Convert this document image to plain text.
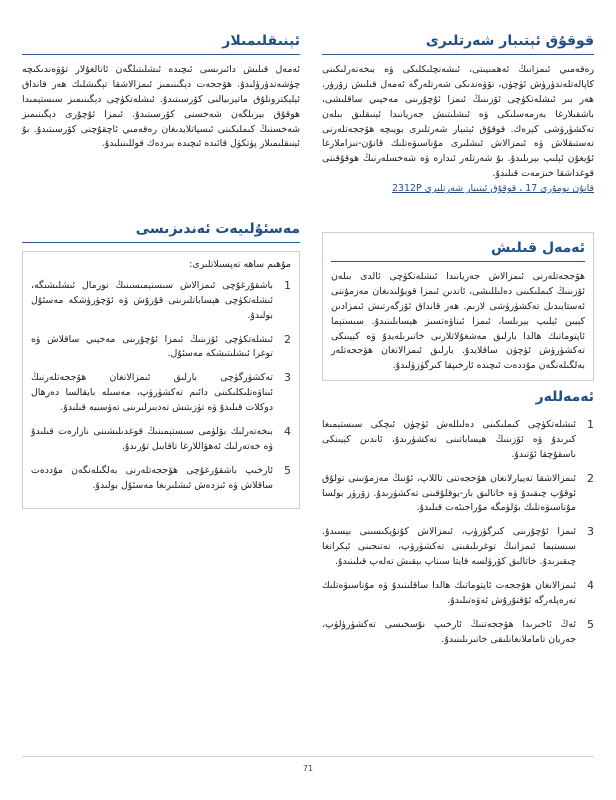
قوقۇق ئېتىبار شەرتلىرى

رەقەمىي ئىمزانىڭ ئەھمىيىتى، ئىشەنچلىكلىكى ۋە بىخەتەرلىكىنى كاپالەتلەندۈرۈش ئۈچۈن، تۆۋەندىكى شەرتلەرگە ئەمەل قىلىش زۆرۈر. ھەر بىر ئىشلەتكۈچى ئۆزىنىڭ ئىمزا ئۇچۇرىنى مەخپىي ساقلىشى، باشقىلارغا بەرمەسلىكى ۋە ئىشلىتىش جەريانىدا ئېنىقلىق بىلەن تەكشۈرۈشى كېرەك. قوقۇق ئېتىبار شەرتلىرى بويىچە ھۆججەتلەرنى تەستىقلاش ۋە ئىمزالاش ئىشلىرى مۇناسىۋەتلىك قانۇن-نىزاملارغا ئۇيغۇن ئېلىپ بېرىلىدۇ. بۇ شەرتلەر ئىدارە ۋە شەخسلەرنىڭ ھوقۇقىنى قوغداشقا خىزمەت قىلىدۇ.

قانۇن نومۇرى 17 ، قوقۇق ئېتىبار شەرتلىرى 2312P

ئەمەل قىلىش

ھۆججەتلەرنى ئىمزالاش جەريانىدا ئىشلەتكۈچى ئالدى بىلەن ئۆزىنىڭ كىملىكىنى دەلىللىشى، ئاندىن ئىمزا قويۇلىدىغان مەزمۇننى ئەستايىدىل تەكشۈرۈشى لازىم. ھەر قانداق ئۆزگەرتىش ئىمزادىن كېيىن ئېلىپ بېرىلسا، ئىمزا ئىناۋەتسىز ھېسابلىنىدۇ. سىستېما ئاپتوماتىك ھالدا بارلىق مەشغۇلاتلارنى خاتىرىلەيدۇ ۋە كېيىنكى تەكشۈرۈش ئۈچۈن ساقلايدۇ. بارلىق ئىمزالانغان ھۆججەتلەر بەلگىلەنگەن مۇددەت ئىچىدە ئارخىپقا كىرگۈزۈلىدۇ.

ئەمەللەر
1
ئىشلەتكۈچى كىملىكىنى دەلىللەش ئۈچۈن ئىچكى سىستېمىغا كىرىدۇ ۋە ئۆزىنىڭ ھېساباتىنى تەكشۈرىدۇ، ئاندىن كېيىنكى باسقۇچقا ئۆتىدۇ.
2
ئىمزالاشقا تەييارلانغان ھۆججەتنى تاللاپ، ئۇنىڭ مەزمۇنىنى تولۇق ئوقۇپ چىقىدۇ ۋە خاتالىق بار-يوقلۇقىنى تەكشۈرىدۇ. زۆرۈر بولسا مۇناسىۋەتلىك بۆلۈمگە مۇراجىئەت قىلىدۇ.
3
ئىمزا ئۇچۇرىنى كىرگۈزۈپ، ئىمزالاش كۇنۇپكىسىنى بېسىدۇ. سىستېما ئىمزانىڭ توغرىلىقىنى تەكشۈرۈپ، نەتىجىنى ئېكرانغا چىقىرىدۇ. خاتالىق كۆرۈلسە قايتا سىناپ بېقىش تەلەپ قىلىنىدۇ.
4
ئىمزالانغان ھۆججەت ئاپتوماتىك ھالدا ساقلىنىدۇ ۋە مۇناسىۋەتلىك تەرەپلەرگە ئۇقتۇرۇش ئەۋەتىلىدۇ.
5
ئەڭ ئاخىرىدا ھۆججەتنىڭ ئارخىپ نۇسخىسى تەكشۈرۈلۈپ، جەريان تاماملانغانلىقى خاتىرىلىنىدۇ.
ئېنىقلىمىلار

ئەمەل قىلىش دائىرىسى ئىچىدە ئىشلىتىلگەن ئاتالغۇلار تۆۋەندىكىچە چۈشەندۈرۈلىدۇ. ھۆججەت دېگىنىمىز ئىمزالاشقا تېگىشلىك ھەر قانداق ئېلېكترونلۇق ماتېرىيالنى كۆرسىتىدۇ. ئىشلەتكۈچى دېگىنىمىز سىستېمىدا ھوقۇق بېرىلگەن شەخسنى كۆرسىتىدۇ. ئىمزا ئۇچۇرى دېگىنىمىز شەخسنىڭ كىملىكىنى ئىسپاتلايدىغان رەقەمىي ئاچقۇچنى كۆرسىتىدۇ. بۇ ئېنىقلىمىلار پۈتكۈل قائىدە ئىچىدە بىردەك قوللىنىلىدۇ.

مەسئۇلىيەت ئەندىزىسى

مۇھىم ساھە تەپسىلاتلىرى:

1
باشقۇرغۇچى ئىمزالاش سىستېمىسىنىڭ نورمال ئىشلىشىگە، ئىشلەتكۈچى ھېساباتلىرىنى قۇرۇش ۋە ئۆچۈرۈشكە مەسئۇل بولىدۇ.
2
ئىشلەتكۈچى ئۆزىنىڭ ئىمزا ئۇچۇرىنى مەخپىي ساقلاش ۋە توغرا ئىشلىتىشكە مەسئۇل.
3
تەكشۈرگۈچى بارلىق ئىمزالانغان ھۆججەتلەرنىڭ ئىناۋەتلىكلىكىنى دائىم تەكشۈرۈپ، مەسىلە بايقالسا دەرھال دوكلات قىلىدۇ ۋە تۈزىتىش تەدبىرلىرىنى تەۋسىيە قىلىدۇ.
4
بىخەتەرلىك بۆلۈمى سىستېمىنىڭ قوغدىلىشىنى نازارەت قىلىدۇ ۋە خەتەرلىك ئەھۋاللارغا تاقابىل تۇرىدۇ.
5
ئارخىپ باشقۇرغۇچى ھۆججەتلەرنى بەلگىلەنگەن مۇددەت ساقلاش ۋە ئىزدەش ئىشلىرىغا مەسئۇل بولىدۇ.
71
